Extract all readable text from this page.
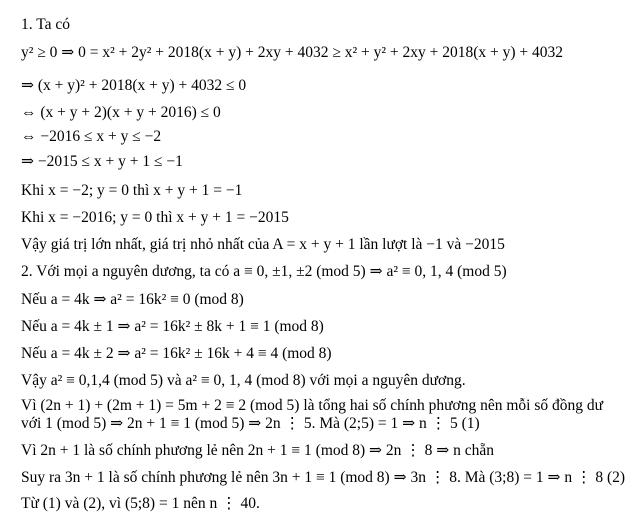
1. Ta có
y² ≥ 0 ⇒ 0 = x² + 2y² + 2018(x + y) + 2xy + 4032 ≥ x² + y² + 2xy + 2018(x + y) + 4032
⇒ (x + y)² + 2018(x + y) + 4032 ≤ 0
⇔ (x + y + 2)(x + y + 2016) ≤ 0
⇔ −2016 ≤ x + y ≤ −2
⇒ −2015 ≤ x + y + 1 ≤ −1
Khi x = −2; y = 0 thì x + y + 1 = −1
Khi x = −2016; y = 0 thì x + y + 1 = −2015
Vậy giá trị lớn nhất, giá trị nhỏ nhất của A = x + y + 1 lần lượt là −1 và −2015
2. Với mọi a nguyên dương, ta có a ≡ 0, ±1, ±2 (mod 5) ⇒ a² ≡ 0, 1, 4 (mod 5)
Nếu a = 4k ⇒ a² = 16k² ≡ 0 (mod 8)
Nếu a = 4k ± 1 ⇒ a² = 16k² ± 8k + 1 ≡ 1 (mod 8)
Nếu a = 4k ± 2 ⇒ a² = 16k² ± 16k + 4 ≡ 4 (mod 8)
Vậy a² ≡ 0,1,4 (mod 5) và a² ≡ 0, 1, 4 (mod 8) với mọi a nguyên dương.
Vì (2n + 1) + (2m + 1) = 5m + 2 ≡ 2 (mod 5) là tổng hai số chính phương nên mỗi số đồng dư
với 1 (mod 5) ⇒ 2n + 1 ≡ 1 (mod 5) ⇒ 2n ⋮ 5. Mà (2;5) = 1 ⇒ n ⋮ 5 (1)
Vì 2n + 1 là số chính phương lẻ nên 2n + 1 ≡ 1 (mod 8) ⇒ 2n ⋮ 8 ⇒ n chẵn
Suy ra 3n + 1 là số chính phương lẻ nên 3n + 1 ≡ 1 (mod 8) ⇒ 3n ⋮ 8. Mà (3;8) = 1 ⇒ n ⋮ 8 (2)
Từ (1) và (2), vì (5;8) = 1 nên n ⋮ 40.
